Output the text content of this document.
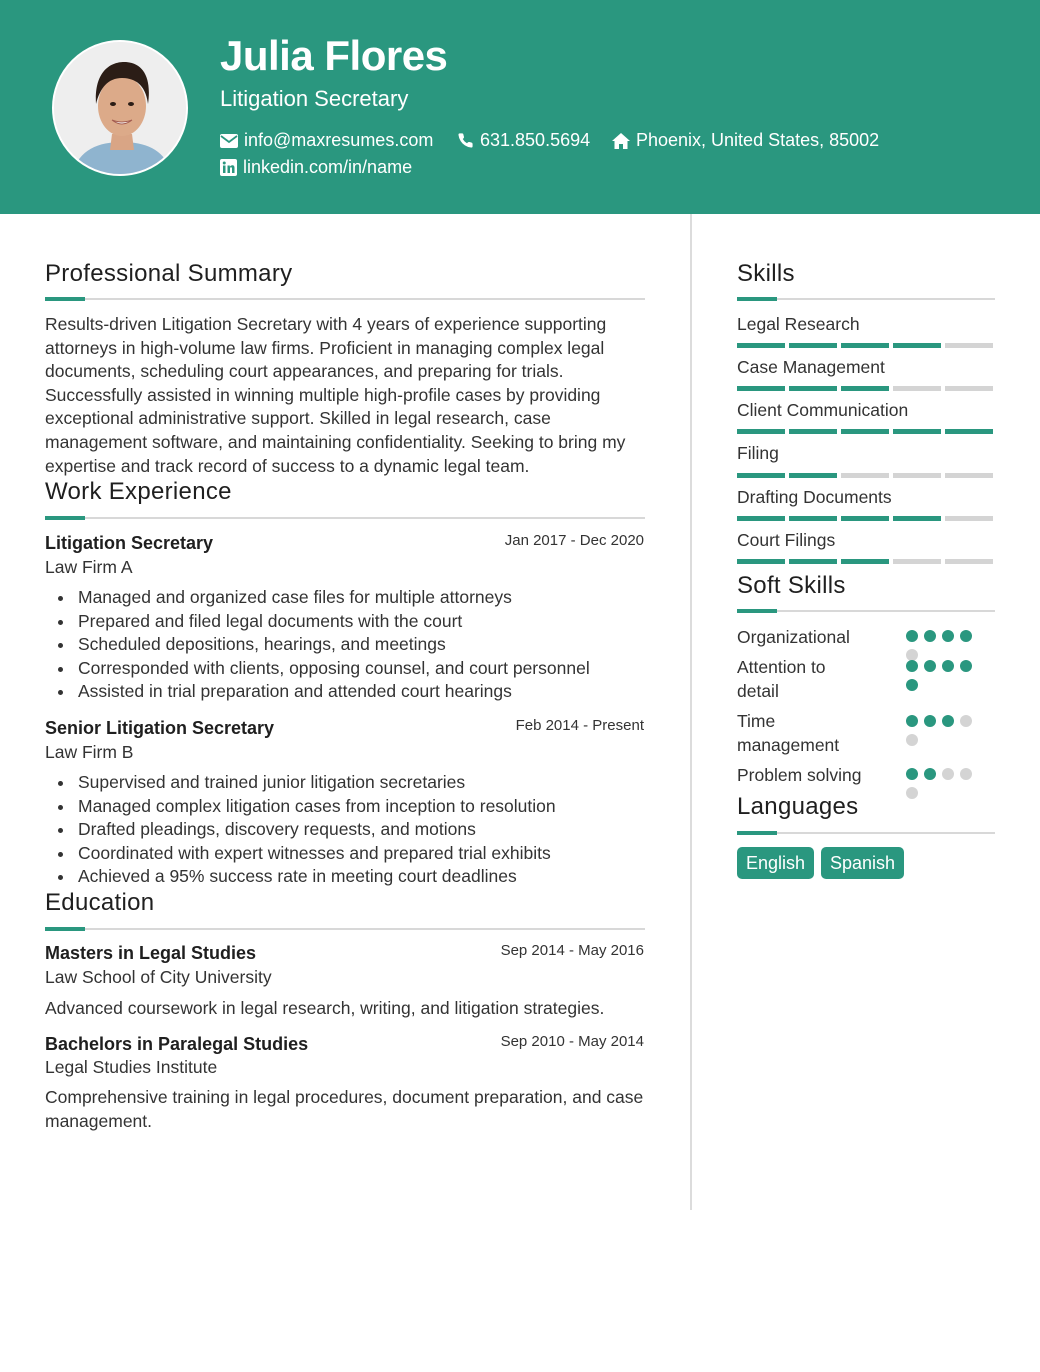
Julia Flores
Litigation Secretary
info@maxresumes.com	631.850.5694	Phoenix, United States, 85002
linkedin.com/in/name
Professional Summary
Results-driven Litigation Secretary with 4 years of experience supporting attorneys in high-volume law firms. Proficient in managing complex legal documents, scheduling court appearances, and preparing for trials. Successfully assisted in winning multiple high-profile cases by providing exceptional administrative support. Skilled in legal research, case management software, and maintaining confidentiality. Seeking to bring my expertise and track record of success to a dynamic legal team.
Work Experience
Litigation Secretary	Jan 2017 - Dec 2020
Law Firm A
Managed and organized case files for multiple attorneys
Prepared and filed legal documents with the court
Scheduled depositions, hearings, and meetings
Corresponded with clients, opposing counsel, and court personnel
Assisted in trial preparation and attended court hearings
Senior Litigation Secretary	Feb 2014 - Present
Law Firm B
Supervised and trained junior litigation secretaries
Managed complex litigation cases from inception to resolution
Drafted pleadings, discovery requests, and motions
Coordinated with expert witnesses and prepared trial exhibits
Achieved a 95% success rate in meeting court deadlines
Education
Masters in Legal Studies	Sep 2014 - May 2016
Law School of City University
Advanced coursework in legal research, writing, and litigation strategies.
Bachelors in Paralegal Studies	Sep 2010 - May 2014
Legal Studies Institute
Comprehensive training in legal procedures, document preparation, and case management.
Skills
Legal Research
Case Management
Client Communication
Filing
Drafting Documents
Court Filings
Soft Skills
Organizational
Attention to detail
Time management
Problem solving
Languages
English	Spanish
